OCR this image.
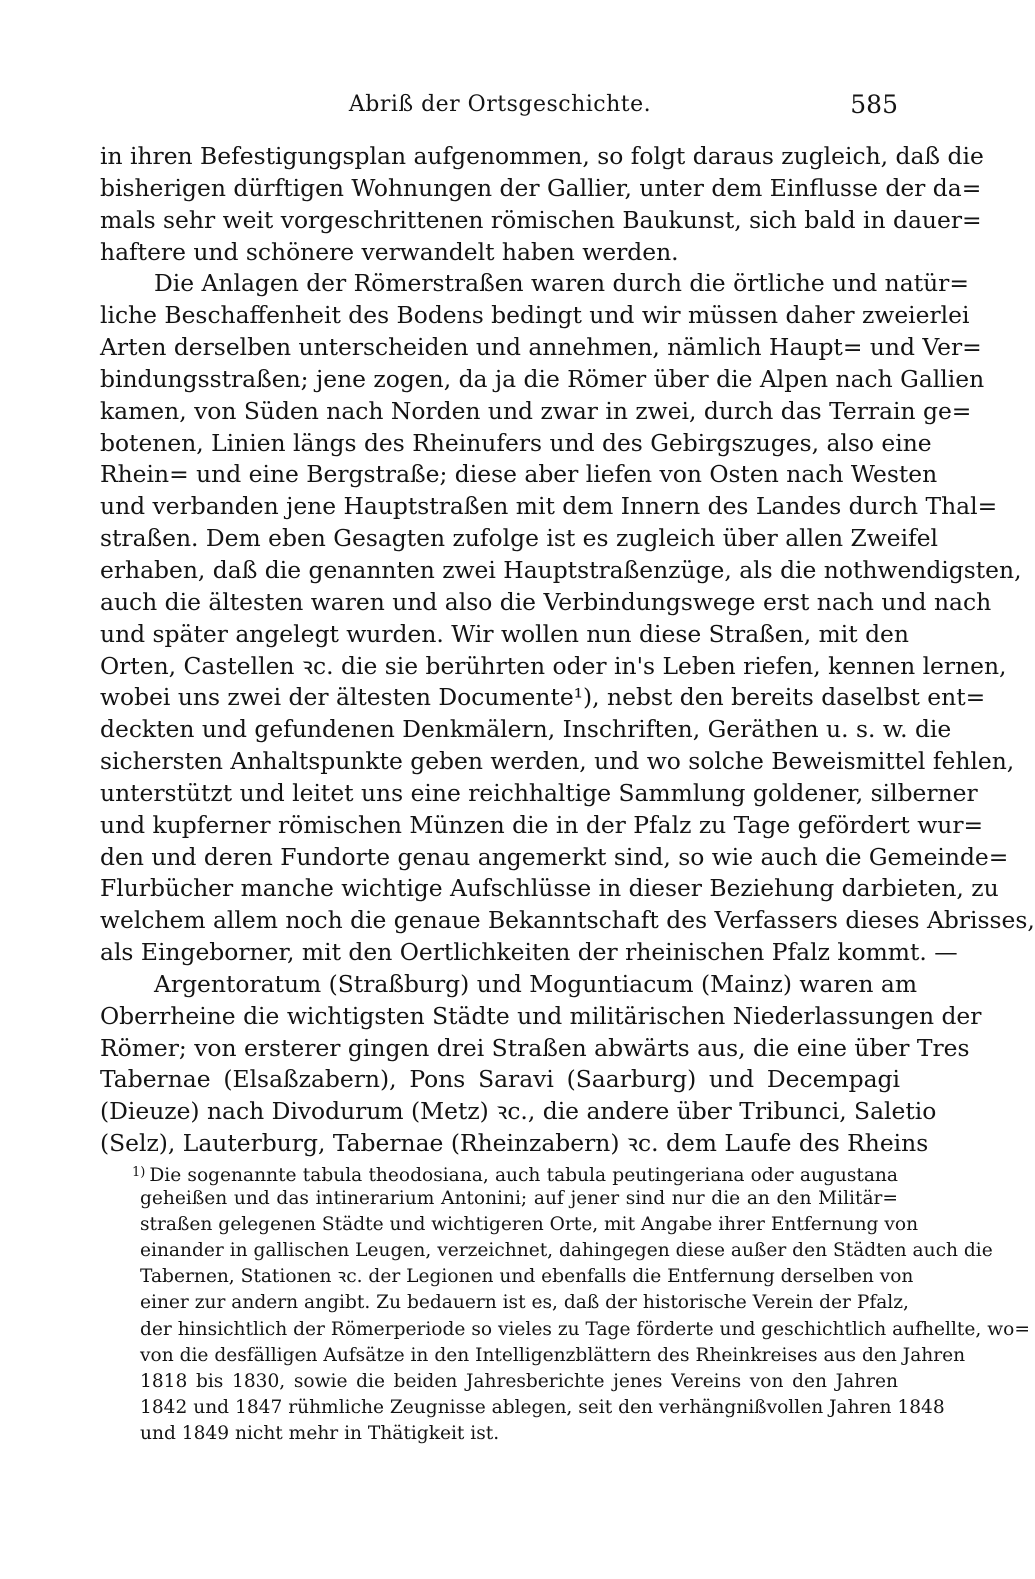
Abriß der Ortsgeschichte.	585
in ihren Befestigungsplan aufgenommen, so folgt daraus zugleich, daß die
bisherigen dürftigen Wohnungen der Gallier, unter dem Einflusse der da=
mals sehr weit vorgeschrittenen römischen Baukunst, sich bald in dauer=
haftere und schönere verwandelt haben werden.
Die Anlagen der Römerstraßen waren durch die örtliche und natür=
liche Beschaffenheit des Bodens bedingt und wir müssen daher zweierlei
Arten derselben unterscheiden und annehmen, nämlich Haupt= und Ver=
bindungsstraßen; jene zogen, da ja die Römer über die Alpen nach Gallien
kamen, von Süden nach Norden und zwar in zwei, durch das Terrain ge=
botenen, Linien längs des Rheinufers und des Gebirgszuges, also eine
Rhein= und eine Bergstraße; diese aber liefen von Osten nach Westen
und verbanden jene Hauptstraßen mit dem Innern des Landes durch Thal=
straßen. Dem eben Gesagten zufolge ist es zugleich über allen Zweifel
erhaben, daß die genannten zwei Hauptstraßenzüge, als die nothwendigsten,
auch die ältesten waren und also die Verbindungswege erst nach und nach
und später angelegt wurden. Wir wollen nun diese Straßen, mit den
Orten, Castellen ꝛc. die sie berührten oder in's Leben riefen, kennen lernen,
wobei uns zwei der ältesten Documente¹), nebst den bereits daselbst ent=
deckten und gefundenen Denkmälern, Inschriften, Geräthen u. s. w. die
sichersten Anhaltspunkte geben werden, und wo solche Beweismittel fehlen,
unterstützt und leitet uns eine reichhaltige Sammlung goldener, silberner
und kupferner römischen Münzen die in der Pfalz zu Tage gefördert wur=
den und deren Fundorte genau angemerkt sind, so wie auch die Gemeinde=
Flurbücher manche wichtige Aufschlüsse in dieser Beziehung darbieten, zu
welchem allem noch die genaue Bekanntschaft des Verfassers dieses Abrisses,
als Eingeborner, mit den Oertlichkeiten der rheinischen Pfalz kommt. —
Argentoratum (Straßburg) und Moguntiacum (Mainz) waren am
Oberrheine die wichtigsten Städte und militärischen Niederlassungen der
Römer; von ersterer gingen drei Straßen abwärts aus, die eine über Tres
Tabernae (Elsaßzabern), Pons Saravi (Saarburg) und Decempagi
(Dieuze) nach Divodurum (Metz) ꝛc., die andere über Tribunci, Saletio
(Selz), Lauterburg, Tabernae (Rheinzabern) ꝛc. dem Laufe des Rheins
$^{1)}$ Die sogenannte tabula theodosiana, auch tabula peutingeriana oder augustana
geheißen und das intinerarium Antonini; auf jener sind nur die an den Militär=
straßen gelegenen Städte und wichtigeren Orte, mit Angabe ihrer Entfernung von
einander in gallischen Leugen, verzeichnet, dahingegen diese außer den Städten auch die
Tabernen, Stationen ꝛc. der Legionen und ebenfalls die Entfernung derselben von
einer zur andern angibt. Zu bedauern ist es, daß der historische Verein der Pfalz,
der hinsichtlich der Römerperiode so vieles zu Tage förderte und geschichtlich aufhellte, wo=
von die desfälligen Aufsätze in den Intelligenzblättern des Rheinkreises aus den Jahren
1818 bis 1830, sowie die beiden Jahresberichte jenes Vereins von den Jahren
1842 und 1847 rühmliche Zeugnisse ablegen, seit den verhängnißvollen Jahren 1848
und 1849 nicht mehr in Thätigkeit ist.
